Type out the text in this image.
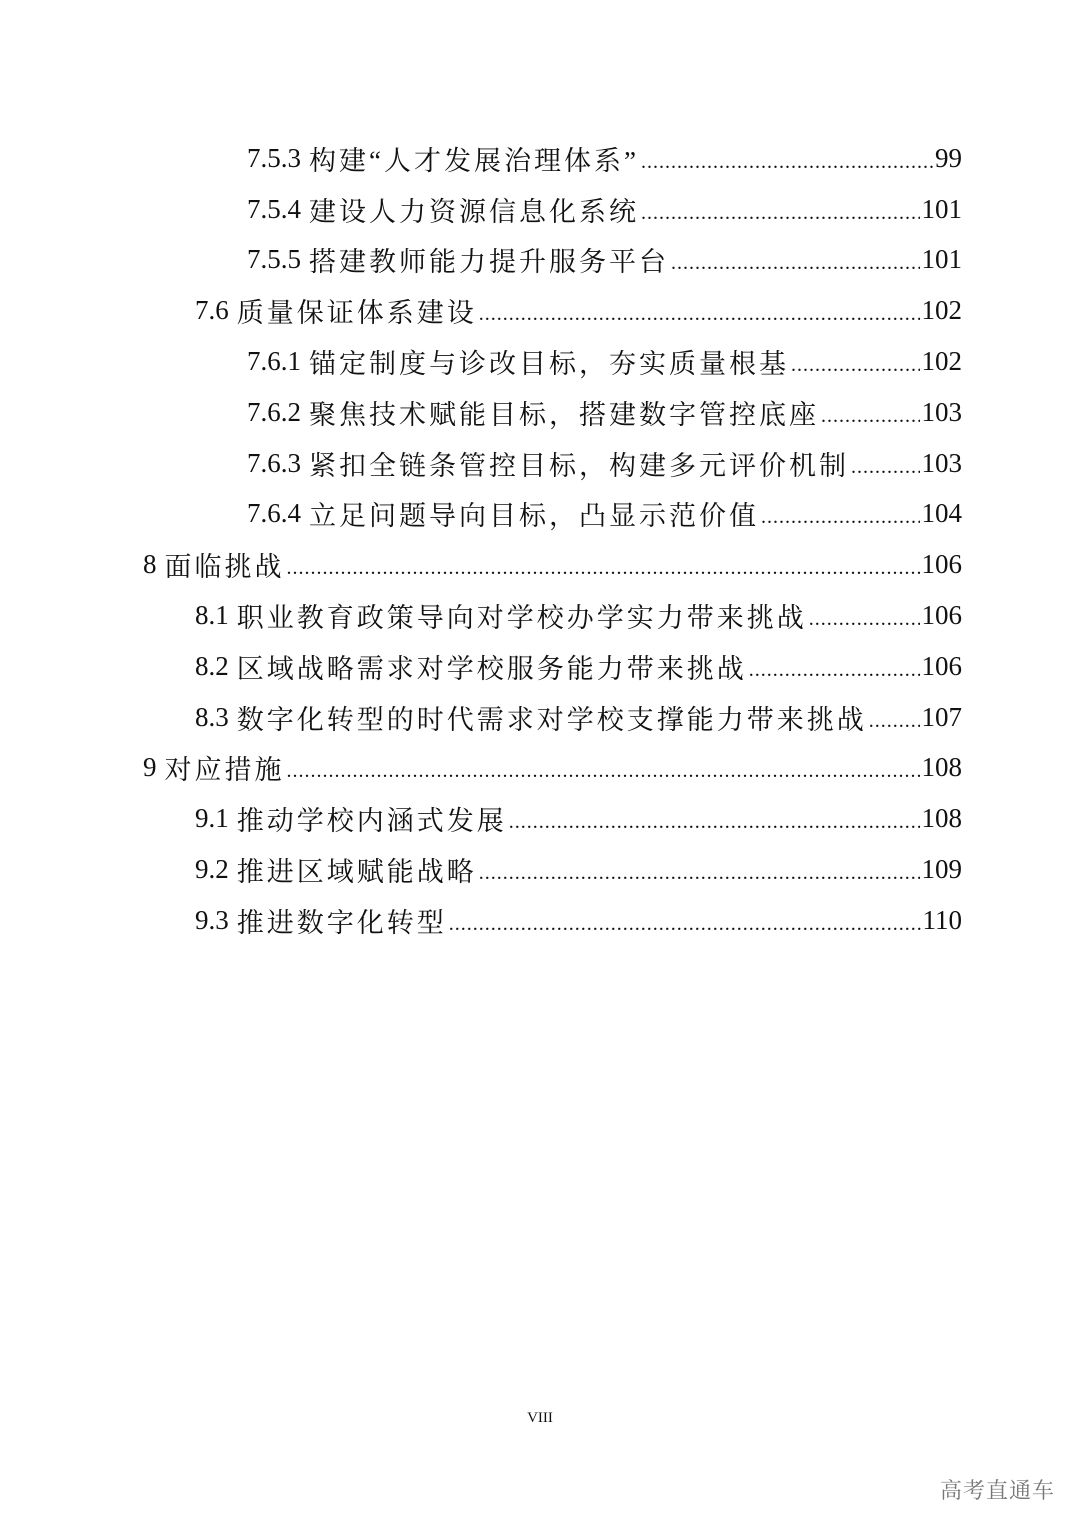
7.5.3 构建“人才发展治理体系” .....	99
7.5.4 建设人力资源信息化系统 .....	101
7.5.5 搭建教师能力提升服务平台 .....	101
7.6 质量保证体系建设 .....	102
7.6.1 锚定制度与诊改目标，夯实质量根基 .....	102
7.6.2 聚焦技术赋能目标，搭建数字管控底座 .....	103
7.6.3 紧扣全链条管控目标，构建多元评价机制 .....	103
7.6.4 立足问题导向目标，凸显示范价值 .....	104
8 面临挑战 .....	106
8.1 职业教育政策导向对学校办学实力带来挑战 .....	106
8.2 区域战略需求对学校服务能力带来挑战 .....	106
8.3 数字化转型的时代需求对学校支撑能力带来挑战 ..... 107
9 对应措施 .....	108
9.1 推动学校内涵式发展 .....	108
9.2 推进区域赋能战略 .....	109
9.3 推进数字化转型 .....	110
VIII
高考直通车
